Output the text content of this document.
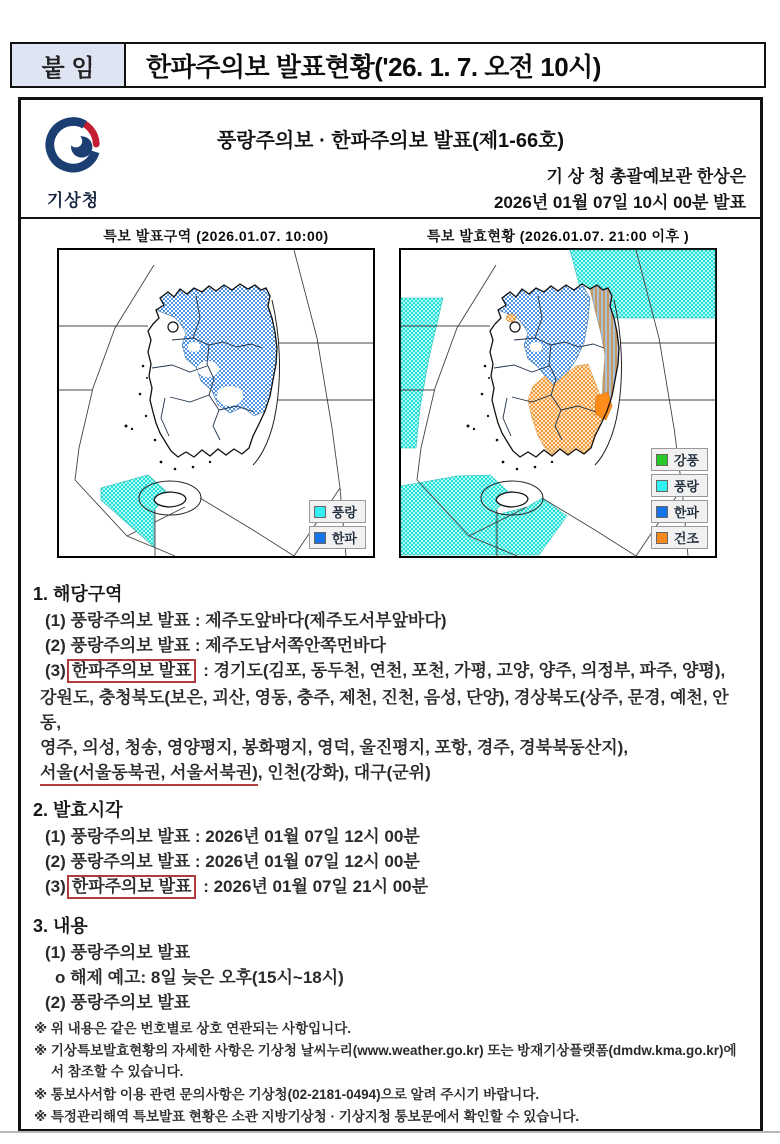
붙 임	한파주의보 발표현황('26. 1. 7. 오전 10시)
기상청
풍랑주의보 · 한파주의보 발표(제1-66호)
기 상 청 총괄예보관 한상은
2026년 01월 07일 10시 00분 발표
특보 발표구역 (2026.01.07. 10:00)	특보 발효현황 (2026.01.07. 21:00 이후 )
풍랑
한파
강풍
풍랑
한파
건조
1. 해당구역
(1) 풍랑주의보 발표 : 제주도앞바다(제주도서부앞바다)
(2) 풍랑주의보 발표 : 제주도남서쪽안쪽먼바다
(3) 한파주의보 발표 : 경기도(김포, 동두천, 연천, 포천, 가평, 고양, 양주, 의정부, 파주, 양평),
강원도, 충청북도(보은, 괴산, 영동, 충주, 제천, 진천, 음성, 단양), 경상북도(상주, 문경, 예천, 안
동,
영주, 의성, 청송, 영양평지, 봉화평지, 영덕, 울진평지, 포항, 경주, 경북북동산지),
서울(서울동북권, 서울서북권), 인천(강화), 대구(군위)
2. 발효시각
(1) 풍랑주의보 발표 : 2026년 01월 07일 12시 00분
(2) 풍랑주의보 발표 : 2026년 01월 07일 12시 00분
(3) 한파주의보 발표 : 2026년 01월 07일 21시 00분
3. 내용
(1) 풍랑주의보 발표
o 해제 예고: 8일 늦은 오후(15시~18시)
(2) 풍랑주의보 발표
※ 위 내용은 같은 번호별로 상호 연관되는 사항입니다.
※ 기상특보발효현황의 자세한 사항은 기상청 날씨누리(www.weather.go.kr) 또는 방재기상플랫폼(dmdw.kma.go.kr)에서 참조할 수 있습니다.
※ 통보사서함 이용 관련 문의사항은 기상청(02-2181-0494)으로 알려 주시기 바랍니다.
※ 특정관리해역 특보발표 현황은 소관 지방기상청 · 기상지청 통보문에서 확인할 수 있습니다.
